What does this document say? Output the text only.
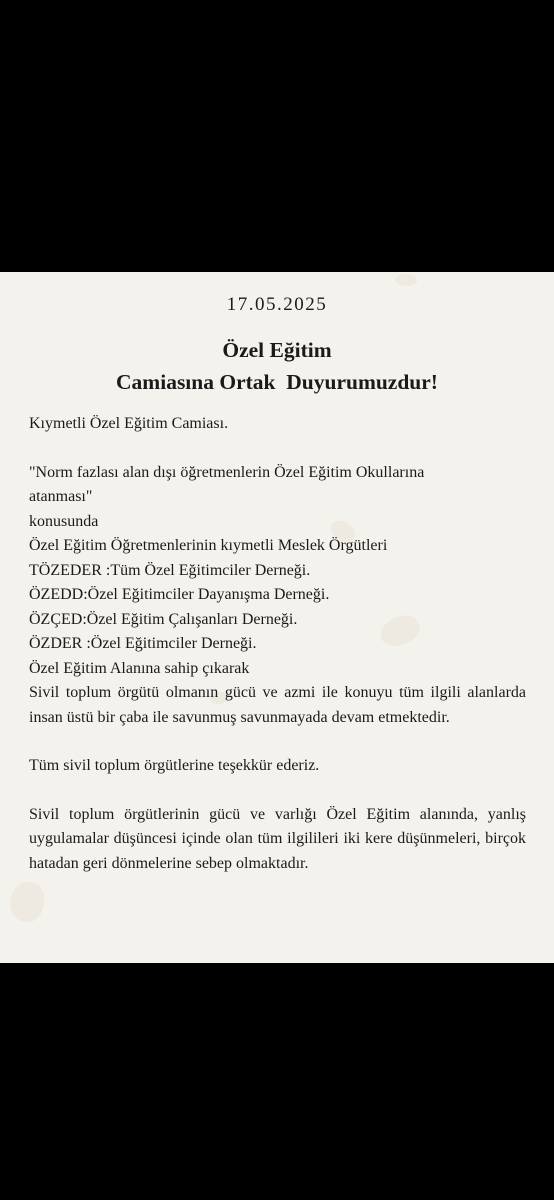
17.05.2025
Özel Eğitim
Camiasına Ortak  Duyurumuzdur!

Kıymetli Özel Eğitim Camiası.

"Norm fazlası alan dışı öğretmenlerin Özel Eğitim Okullarına

atanması"

konusunda

Özel Eğitim Öğretmenlerinin kıymetli Meslek Örgütleri

TÖZEDER :Tüm Özel Eğitimciler Derneği.

ÖZEDD:Özel Eğitimciler Dayanışma Derneği.

ÖZÇED:Özel Eğitim Çalışanları Derneği.

ÖZDER :Özel Eğitimciler Derneği.

Özel Eğitim Alanına sahip çıkarak

Sivil toplum örgütü olmanın gücü ve azmi ile konuyu tüm ilgili alanlarda insan üstü bir çaba ile savunmuş savunmayada devam etmektedir.

Tüm sivil toplum örgütlerine teşekkür ederiz.

Sivil toplum örgütlerinin gücü ve varlığı Özel Eğitim alanında, yanlış uygulamalar düşüncesi içinde olan tüm ilgilileri iki kere düşünmeleri, birçok hatadan geri dönmelerine sebep olmaktadır.
